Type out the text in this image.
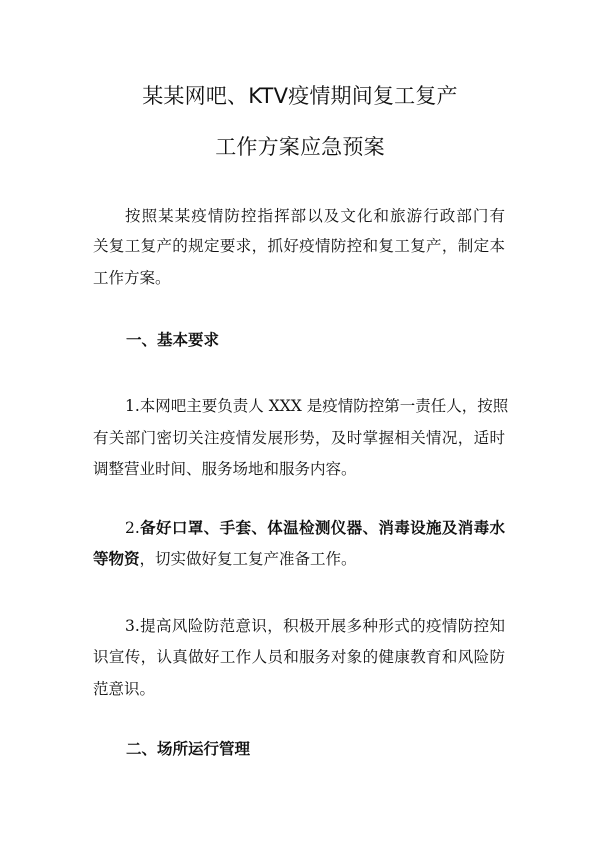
某某网吧、KTV疫情期间复工复产
工作方案应急预案
按照某某疫情防控指挥部以及文化和旅游行政部门有
关复工复产的规定要求，抓好疫情防控和复工复产，制定本
工作方案。
一、基本要求
1.本网吧主要负责人 XXX 是疫情防控第一责任人，按照
有关部门密切关注疫情发展形势，及时掌握相关情况，适时
调整营业时间、服务场地和服务内容。
2.备好口罩、手套、体温检测仪器、消毒设施及消毒水
等物资，切实做好复工复产准备工作。
3.提高风险防范意识，积极开展多种形式的疫情防控知
识宣传，认真做好工作人员和服务对象的健康教育和风险防
范意识。
二、场所运行管理
